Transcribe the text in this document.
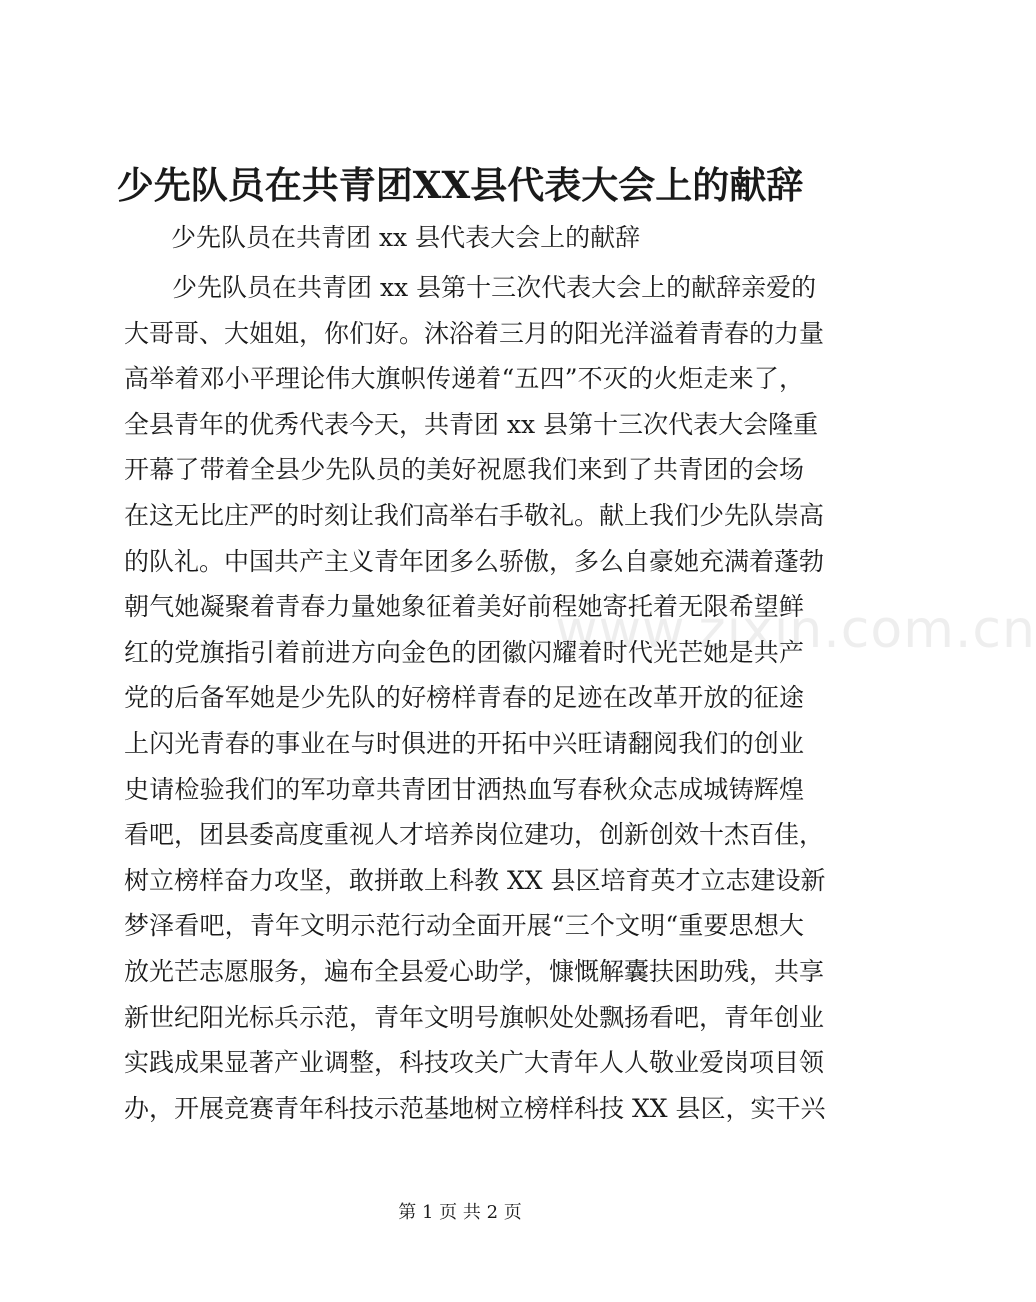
少先队员在共青团XX县代表大会上的献辞

少先队员在共青团 xx 县代表大会上的献辞

少先队员在共青团 xx 县第十三次代表大会上的献辞亲爱的
大哥哥、大姐姐，你们好。沐浴着三月的阳光洋溢着青春的力量
高举着邓小平理论伟大旗帜传递着“五四”不灭的火炬走来了，
全县青年的优秀代表今天，共青团 xx 县第十三次代表大会隆重
开幕了带着全县少先队员的美好祝愿我们来到了共青团的会场
在这无比庄严的时刻让我们高举右手敬礼。献上我们少先队崇高
的队礼。中国共产主义青年团多么骄傲，多么自豪她充满着蓬勃
朝气她凝聚着青春力量她象征着美好前程她寄托着无限希望鲜
红的党旗指引着前进方向金色的团徽闪耀着时代光芒她是共产
党的后备军她是少先队的好榜样青春的足迹在改革开放的征途
上闪光青春的事业在与时俱进的开拓中兴旺请翻阅我们的创业
史请检验我们的军功章共青团甘洒热血写春秋众志成城铸辉煌
看吧，团县委高度重视人才培养岗位建功，创新创效十杰百佳，
树立榜样奋力攻坚，敢拼敢上科教 XX 县区培育英才立志建设新
梦泽看吧，青年文明示范行动全面开展“三个文明“重要思想大
放光芒志愿服务，遍布全县爱心助学，慷慨解囊扶困助残，共享
新世纪阳光标兵示范，青年文明号旗帜处处飘扬看吧，青年创业
实践成果显著产业调整，科技攻关广大青年人人敬业爱岗项目领
办，开展竞赛青年科技示范基地树立榜样科技 XX 县区，实干兴
www.zixin.com.cn
第 1 页 共 2 页
